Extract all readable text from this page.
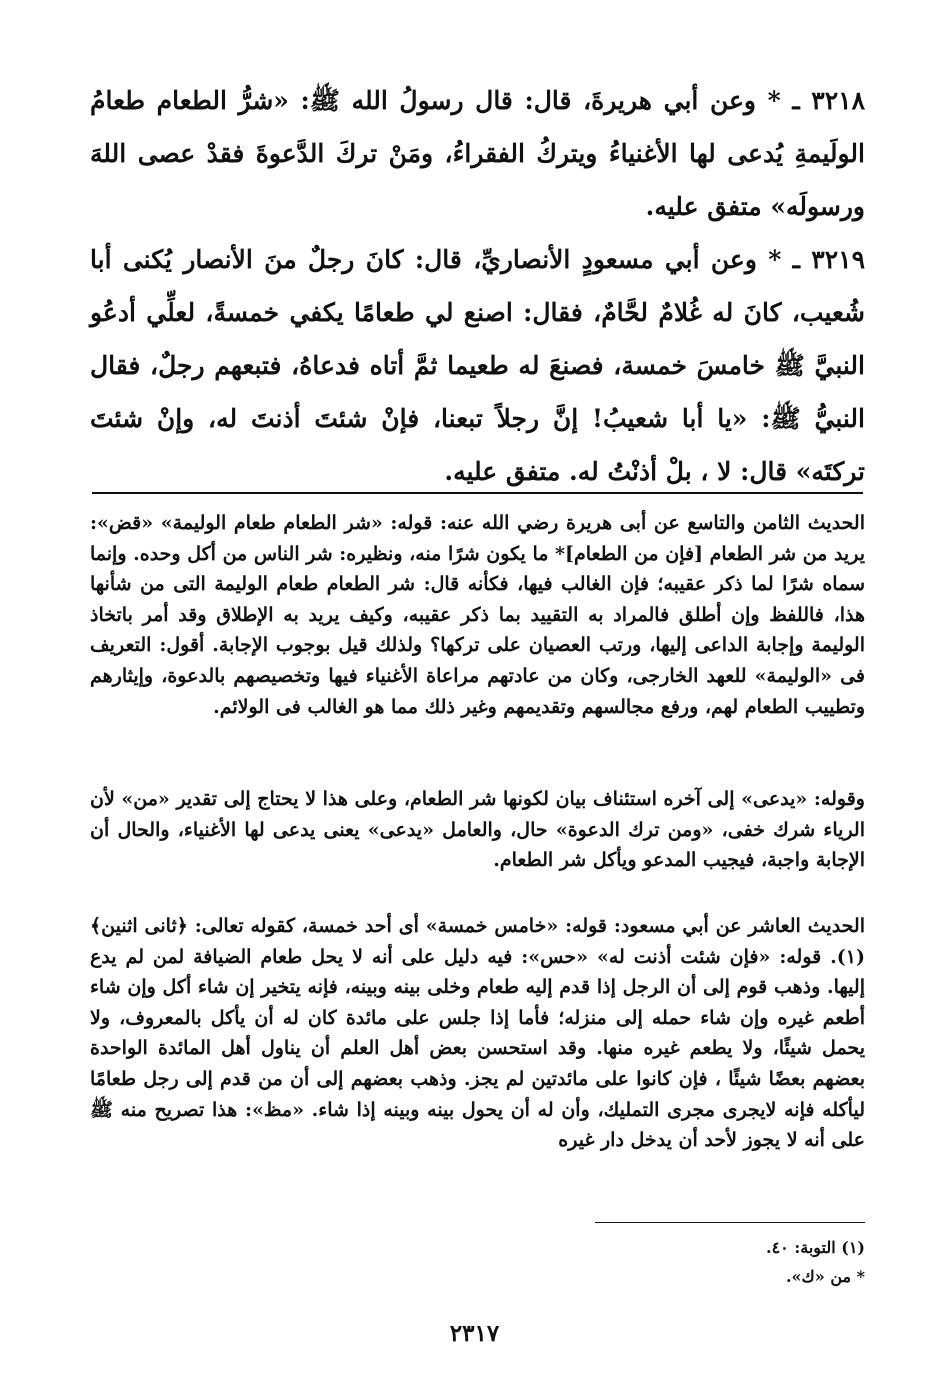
٣٢١٨ ـ * وعن أبي هريرةَ، قال: قال رسولُ الله ﷺ: «شرُّ الطعام طعامُ الولَيمةِ يُدعى لها الأغنياءُ ويتركُ الفقراءُ، ومَنْ تركَ الدَّعوةَ فقدْ عصى اللهَ ورسولَه» متفق عليه.

٣٢١٩ ـ * وعن أبي مسعودٍ الأنصاريِّ، قال: كانَ رجلٌ منَ الأنصار يُكنى أبا شُعيب، كانَ له غُلامٌ لحَّامٌ، فقال: اصنع لي طعامًا يكفي خمسةً، لعلِّي أدعُو النبيَّ ﷺ خامسَ خمسة، فصنعَ له طعيما ثمَّ أتاه فدعاهُ، فتبعهم رجلٌ، فقال النبيُّ ﷺ: «يا أبا شعيبُ! إنَّ رجلاً تبعنا، فإنْ شئتَ أذنتَ له، وإنْ شئتَ تركتَه» قال: لا ، بلْ أذنْتُ له. متفق عليه.

الحديث الثامن والتاسع عن أبى هريرة رضي الله عنه: قوله: «شر الطعام طعام الوليمة» «قض»: يريد من شر الطعام [فإن من الطعام]* ما يكون شرًا منه، ونظيره: شر الناس من أكل وحده. وإنما سماه شرًا لما ذكر عقيبه؛ فإن الغالب فيها، فكأنه قال: شر الطعام طعام الوليمة التى من شأنها هذا، فاللفظ وإن أطلق فالمراد به التقييد بما ذكر عقيبه، وكيف يريد به الإطلاق وقد أمر باتخاذ الوليمة وإجابة الداعى إليها، ورتب العصيان على تركها؟ ولذلك قيل بوجوب الإجابة. أقول: التعريف فى «الوليمة» للعهد الخارجى، وكان من عادتهم مراعاة الأغنياء فيها وتخصيصهم بالدعوة، وإيثارهم وتطييب الطعام لهم، ورفع مجالسهم وتقديمهم وغير ذلك مما هو الغالب فى الولائم.

وقوله: «يدعى» إلى آخره استئناف بيان لكونها شر الطعام، وعلى هذا لا يحتاج إلى تقدير «من» لأن الرياء شرك خفى، «ومن ترك الدعوة» حال، والعامل «يدعى» يعنى يدعى لها الأغنياء، والحال أن الإجابة واجبة، فيجيب المدعو ويأكل شر الطعام.

الحديث العاشر عن أبي مسعود: قوله: «خامس خمسة» أى أحد خمسة، كقوله تعالى: ﴿ثانى اثنين﴾(١). قوله: «فإن شئت أذنت له» «حس»: فيه دليل على أنه لا يحل طعام الضيافة لمن لم يدع إليها. وذهب قوم إلى أن الرجل إذا قدم إليه طعام وخلى بينه وبينه، فإنه يتخير إن شاء أكل وإن شاء أطعم غيره وإن شاء حمله إلى منزله؛ فأما إذا جلس على مائدة كان له أن يأكل بالمعروف، ولا يحمل شيئًا، ولا يطعم غيره منها. وقد استحسن بعض أهل العلم أن يناول أهل المائدة الواحدة بعضهم بعضًا شيئًا ، فإن كانوا على مائدتين لم يجز. وذهب بعضهم إلى أن من قدم إلى رجل طعامًا ليأكله فإنه لايجرى مجرى التمليك، وأن له أن يحول بينه وبينه إذا شاء. «مظ»: هذا تصريح منه ﷺ على أنه لا يجوز لأحد أن يدخل دار غيره

(١) التوبة: ٤٠.
* من «ك».
٢٣١٧
